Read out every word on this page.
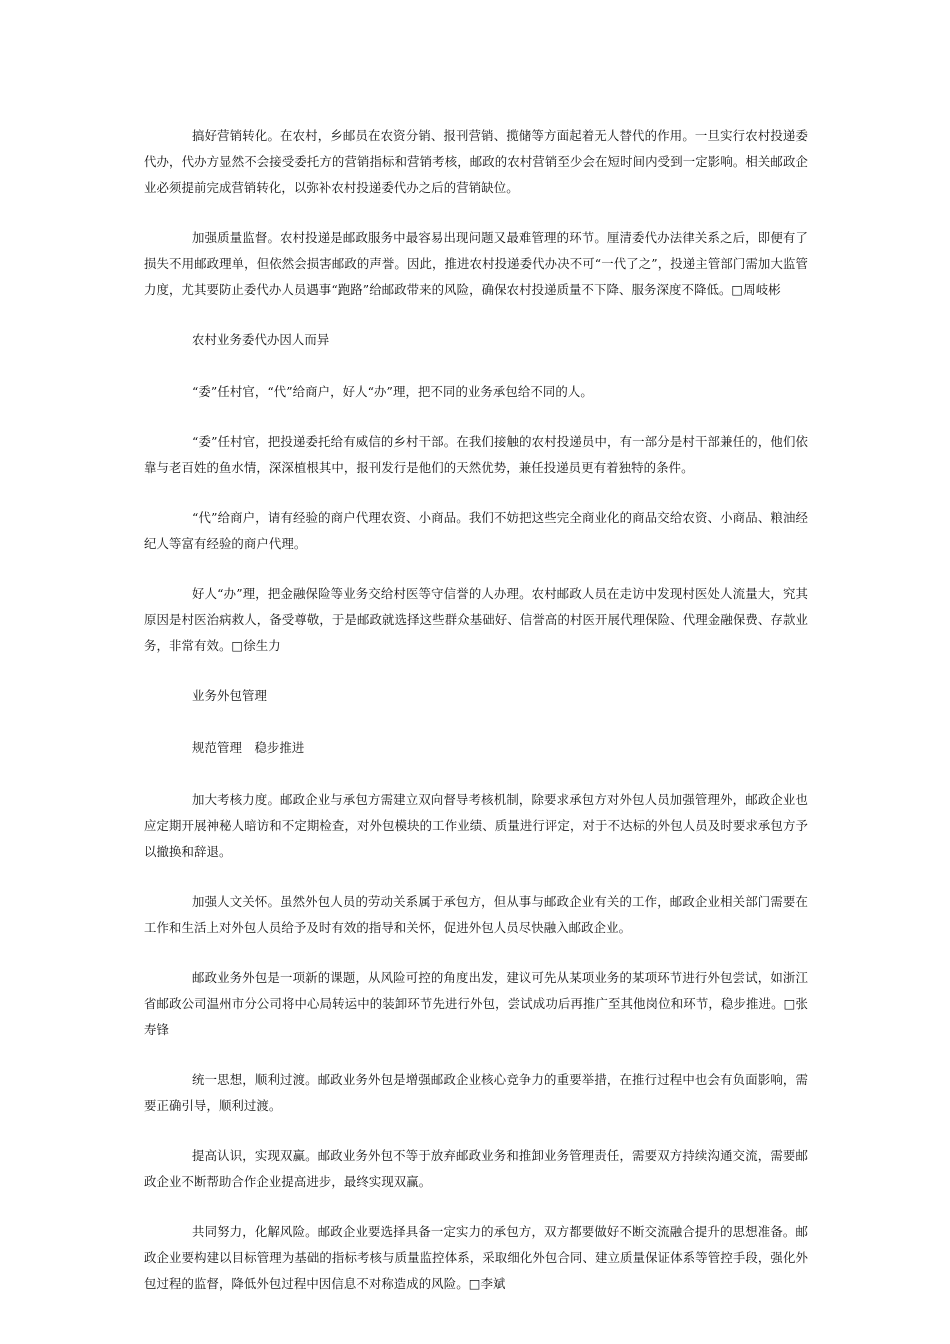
搞好营销转化。在农村，乡邮员在农资分销、报刊营销、揽储等方面起着无人替代的作用。一旦实行农村投递委代办，代办方显然不会接受委托方的营销指标和营销考核，邮政的农村营销至少会在短时间内受到一定影响。相关邮政企业必须提前完成营销转化，以弥补农村投递委代办之后的营销缺位。

加强质量监督。农村投递是邮政服务中最容易出现问题又最难管理的环节。厘清委代办法律关系之后，即便有了损失不用邮政理单，但依然会损害邮政的声誉。因此，推进农村投递委代办决不可“一代了之”，投递主管部门需加大监管力度，尤其要防止委代办人员遇事“跑路”给邮政带来的风险，确保农村投递质量不下降、服务深度不降低。□周岐彬

农村业务委代办因人而异

“委”任村官，“代”给商户，好人“办”理，把不同的业务承包给不同的人。

“委”任村官，把投递委托给有威信的乡村干部。在我们接触的农村投递员中，有一部分是村干部兼任的，他们依靠与老百姓的鱼水情，深深植根其中，报刊发行是他们的天然优势，兼任投递员更有着独特的条件。

“代”给商户，请有经验的商户代理农资、小商品。我们不妨把这些完全商业化的商品交给农资、小商品、粮油经纪人等富有经验的商户代理。

好人“办”理，把金融保险等业务交给村医等守信誉的人办理。农村邮政人员在走访中发现村医处人流量大，究其原因是村医治病救人，备受尊敬，于是邮政就选择这些群众基础好、信誉高的村医开展代理保险、代理金融保费、存款业务，非常有效。□徐生力

业务外包管理

规范管理　稳步推进

加大考核力度。邮政企业与承包方需建立双向督导考核机制，除要求承包方对外包人员加强管理外，邮政企业也应定期开展神秘人暗访和不定期检查，对外包模块的工作业绩、质量进行评定，对于不达标的外包人员及时要求承包方予以撤换和辞退。

加强人文关怀。虽然外包人员的劳动关系属于承包方，但从事与邮政企业有关的工作，邮政企业相关部门需要在工作和生活上对外包人员给予及时有效的指导和关怀，促进外包人员尽快融入邮政企业。

邮政业务外包是一项新的课题，从风险可控的角度出发，建议可先从某项业务的某项环节进行外包尝试，如浙江省邮政公司温州市分公司将中心局转运中的装卸环节先进行外包，尝试成功后再推广至其他岗位和环节，稳步推进。□张寿锋

统一思想，顺利过渡。邮政业务外包是增强邮政企业核心竞争力的重要举措，在推行过程中也会有负面影响，需要正确引导，顺利过渡。

提高认识，实现双赢。邮政业务外包不等于放弃邮政业务和推卸业务管理责任，需要双方持续沟通交流，需要邮政企业不断帮助合作企业提高进步，最终实现双赢。

共同努力，化解风险。邮政企业要选择具备一定实力的承包方，双方都要做好不断交流融合提升的思想准备。邮政企业要构建以目标管理为基础的指标考核与质量监控体系，采取细化外包合同、建立质量保证体系等管控手段，强化外包过程的监督，降低外包过程中因信息不对称造成的风险。□李斌
